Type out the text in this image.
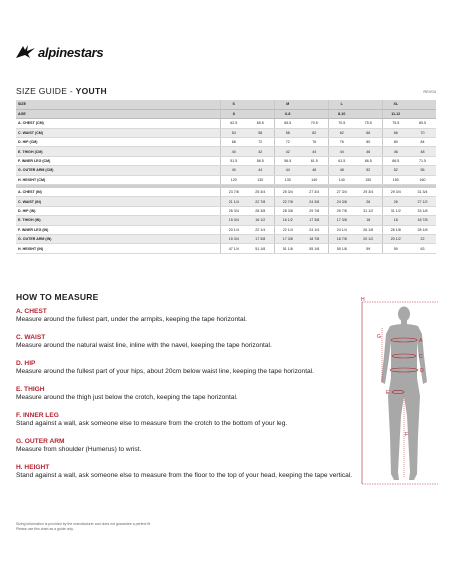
alpinestars
SIZE GUIDE - YOUTH	REV04
SIZE			S		M		L		XL	
AGE			8		6-8		8-10		11-12	
A. CHEST (CM)			62.5	65.5	65.5	70.5	70.5	75.5	75.5	80.5
C. WAIST (CM)			54	58	58	62	62	66	66	70
D. HIP (CM)			68	72	72	76	76	80	80	84
E. THIGH (CM)			40	42	42	44	44	46	46	48
F. INNER LEG (CM)			51.5	56.5	56.5	61.5	61.5	66.5	66.5	71.5
G. OUTER ARM (CM)			40	44	44	48	48	52	52	56
H. HEIGHT (CM)			120	130	130	140	140	150	150	160

A. CHEST (IN)			23 7/8	25 3/4	25 3/4	27 3/4	27 3/4	29 3/4	29 3/4	31 3/4
C. WAIST (IN)			21 1/4	22 7/8	22 7/8	24 3/8	24 3/8	26	26	27 1/2
D. HIP (IN)			26 3/4	28 3/8	28 3/8	29 7/8	29 7/8	31 1/2	31 1/2	33 1/8
E. THIGH (IN)			15 3/4	16 1/2	16 1/2	17 3/8	17 3/8	18	18	18 7/8
F. INNER LEG (IN)			20 1/4	22 1/4	22 1/4	24 1/4	24 1/4	26 1/8	26 1/8	28 1/8
G. OUTER ARM (IN)			15 3/4	17 3/8	17 3/8	18 7/8	18 7/8	20 1/2	20 1/2	22
H. HEIGHT (IN)			47 1/4	51 1/8	51 1/8	55 1/8	55 1/8	59	59	63
HOW TO MEASURE
A. CHEST
Measure around the fullest part, under the armpits, keeping the tape horizontal.
C. WAIST
Measure around the natural waist line, inline with the navel, keeping the tape horizontal.
D. HIP
Measure around the fullest part of your hips, about 20cm below waist line, keeping the tape horizontal.
E. THIGH
Measure around the thigh just below the crotch, keeping the tape horizontal.
F. INNER LEG
Stand against a wall, ask someone else to measure from the crotch to the bottom of your leg.
G. OUTER ARM
Measure from shoulder (Humerus) to wrist.
H. HEIGHT
Stand against a wall, ask someone else to measure from the floor to the top of your head, keeping the tape vertical.
H
G
A
C
D
E
F
Sizing information is provided by the manufacturer and does not guarantee a perfect fit.
Please use this chart as a guide only.
